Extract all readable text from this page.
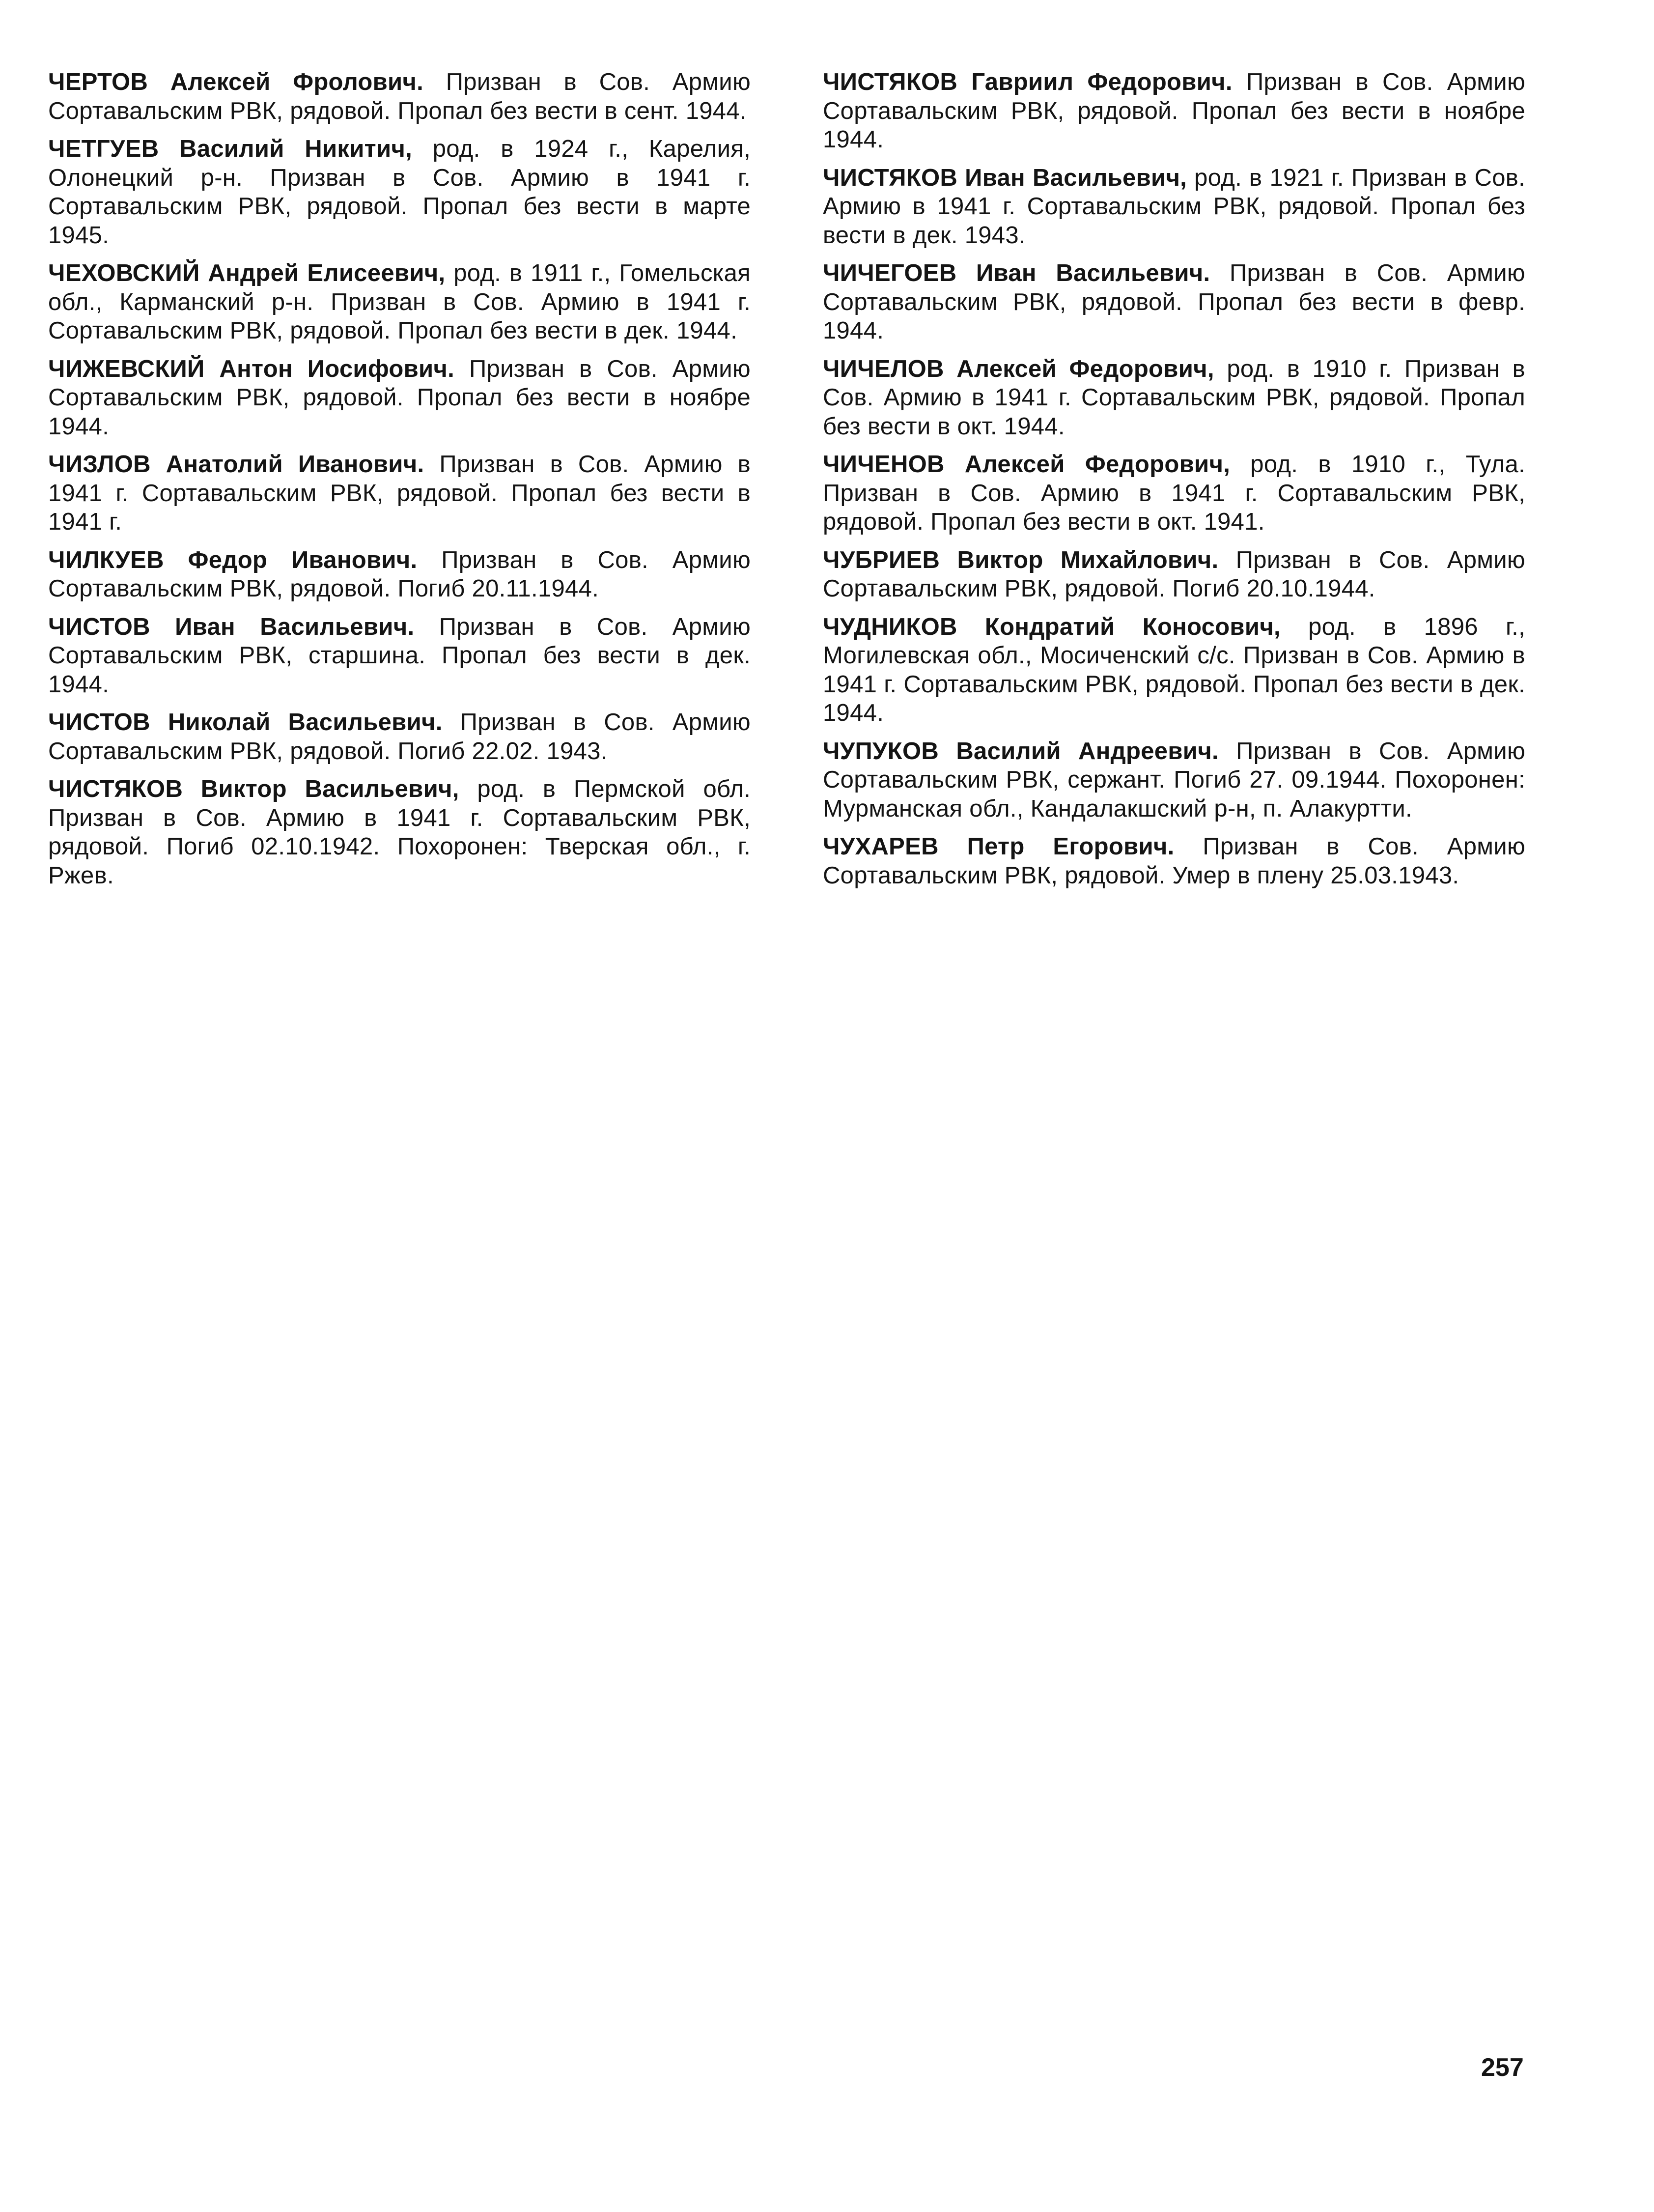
ЧЕРТОВ Алексей Фролович. Призван в Сов. Армию Сортавальским РВК, рядовой. Пропал без вести в сент. 1944.

ЧЕТГУЕВ Василий Никитич, род. в 1924 г., Карелия, Олонецкий р-н. Призван в Сов. Армию в 1941 г. Сортавальским РВК, рядовой. Пропал без вести в марте 1945.

ЧЕХОВСКИЙ Андрей Елисеевич, род. в 1911 г., Гомельская обл., Карманский р-н. Призван в Сов. Армию в 1941 г. Сортавальским РВК, рядовой. Пропал без вести в дек. 1944.

ЧИЖЕВСКИЙ Антон Иосифович. Призван в Сов. Армию Сортавальским РВК, рядовой. Пропал без вести в ноябре 1944.

ЧИЗЛОВ Анатолий Иванович. Призван в Сов. Армию в 1941 г. Сортавальским РВК, рядовой. Пропал без вести в 1941 г.

ЧИЛКУЕВ Федор Иванович. Призван в Сов. Армию Сортавальским РВК, рядовой. Погиб 20.11.1944.

ЧИСТОВ Иван Васильевич. Призван в Сов. Армию Сортавальским РВК, старшина. Пропал без вести в дек. 1944.

ЧИСТОВ Николай Васильевич. Призван в Сов. Армию Сортавальским РВК, рядовой. Погиб 22.02. 1943.

ЧИСТЯКОВ Виктор Васильевич, род. в Пермской обл. Призван в Сов. Армию в 1941 г. Сортавальским РВК, рядовой. Погиб 02.10.1942. Похоронен: Тверская обл., г. Ржев.

ЧИСТЯКОВ Гавриил Федорович. Призван в Сов. Армию Сортавальским РВК, рядовой. Пропал без вести в ноябре 1944.

ЧИСТЯКОВ Иван Васильевич, род. в 1921 г. Призван в Сов. Армию в 1941 г. Сортавальским РВК, рядовой. Пропал без вести в дек. 1943.

ЧИЧЕГОЕВ Иван Васильевич. Призван в Сов. Армию Сортавальским РВК, рядовой. Пропал без вести в февр. 1944.

ЧИЧЕЛОВ Алексей Федорович, род. в 1910 г. Призван в Сов. Армию в 1941 г. Сортавальским РВК, рядовой. Пропал без вести в окт. 1944.

ЧИЧЕНОВ Алексей Федорович, род. в 1910 г., Тула. Призван в Сов. Армию в 1941 г. Сортавальским РВК, рядовой. Пропал без вести в окт. 1941.

ЧУБРИЕВ Виктор Михайлович. Призван в Сов. Армию Сортавальским РВК, рядовой. Погиб 20.10.1944.

ЧУДНИКОВ Кондратий Коносович, род. в 1896 г., Могилевская обл., Мосиченский с/с. Призван в Сов. Армию в 1941 г. Сортавальским РВК, рядовой. Пропал без вести в дек. 1944.

ЧУПУКОВ Василий Андреевич. Призван в Сов. Армию Сортавальским РВК, сержант. Погиб 27. 09.1944. Похоронен: Мурманская обл., Кандалакшский р-н, п. Алакуртти.

ЧУХАРЕВ Петр Егорович. Призван в Сов. Армию Сортавальским РВК, рядовой. Умер в плену 25.03.1943.

257
